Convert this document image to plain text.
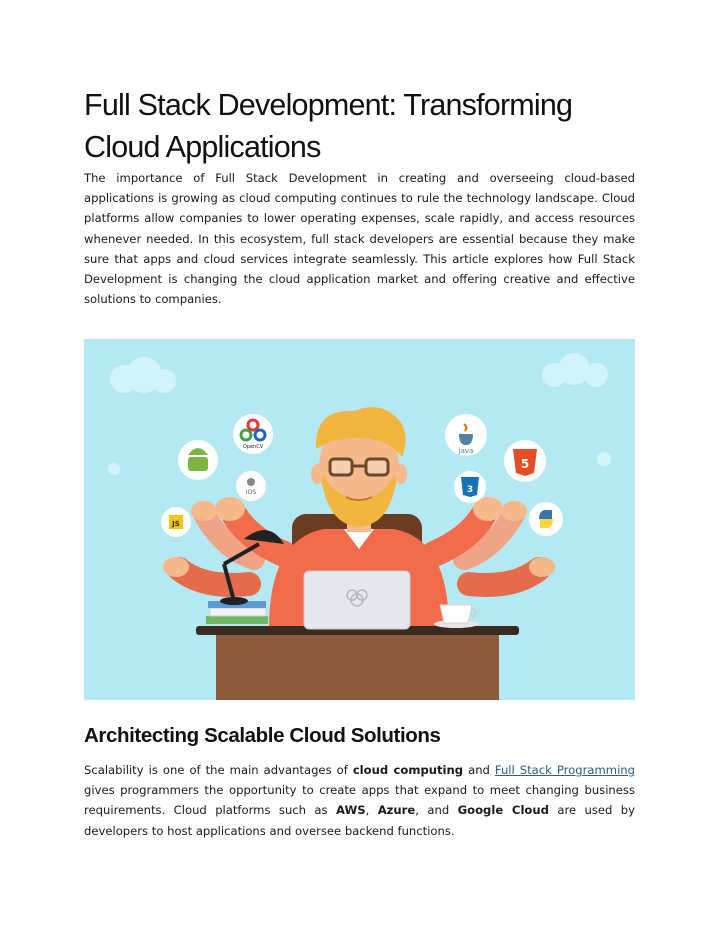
Full Stack Development: Transforming Cloud Applications

The importance of Full Stack Development in creating and overseeing cloud-based applications is growing as cloud computing continues to rule the technology landscape. Cloud platforms allow companies to lower operating expenses, scale rapidly, and access resources whenever needed. In this ecosystem, full stack developers are essential because they make sure that apps and cloud services integrate seamlessly. This article explores how Full Stack Development is changing the cloud application market and offering creative and effective solutions to companies.

OpenCV
iOS
JS
java
5
3
Architecting Scalable Cloud Solutions

Scalability is one of the main advantages of cloud computing and Full Stack Programming gives programmers the opportunity to create apps that expand to meet changing business requirements. Cloud platforms such as AWS, Azure, and Google Cloud are used by developers to host applications and oversee backend functions.
